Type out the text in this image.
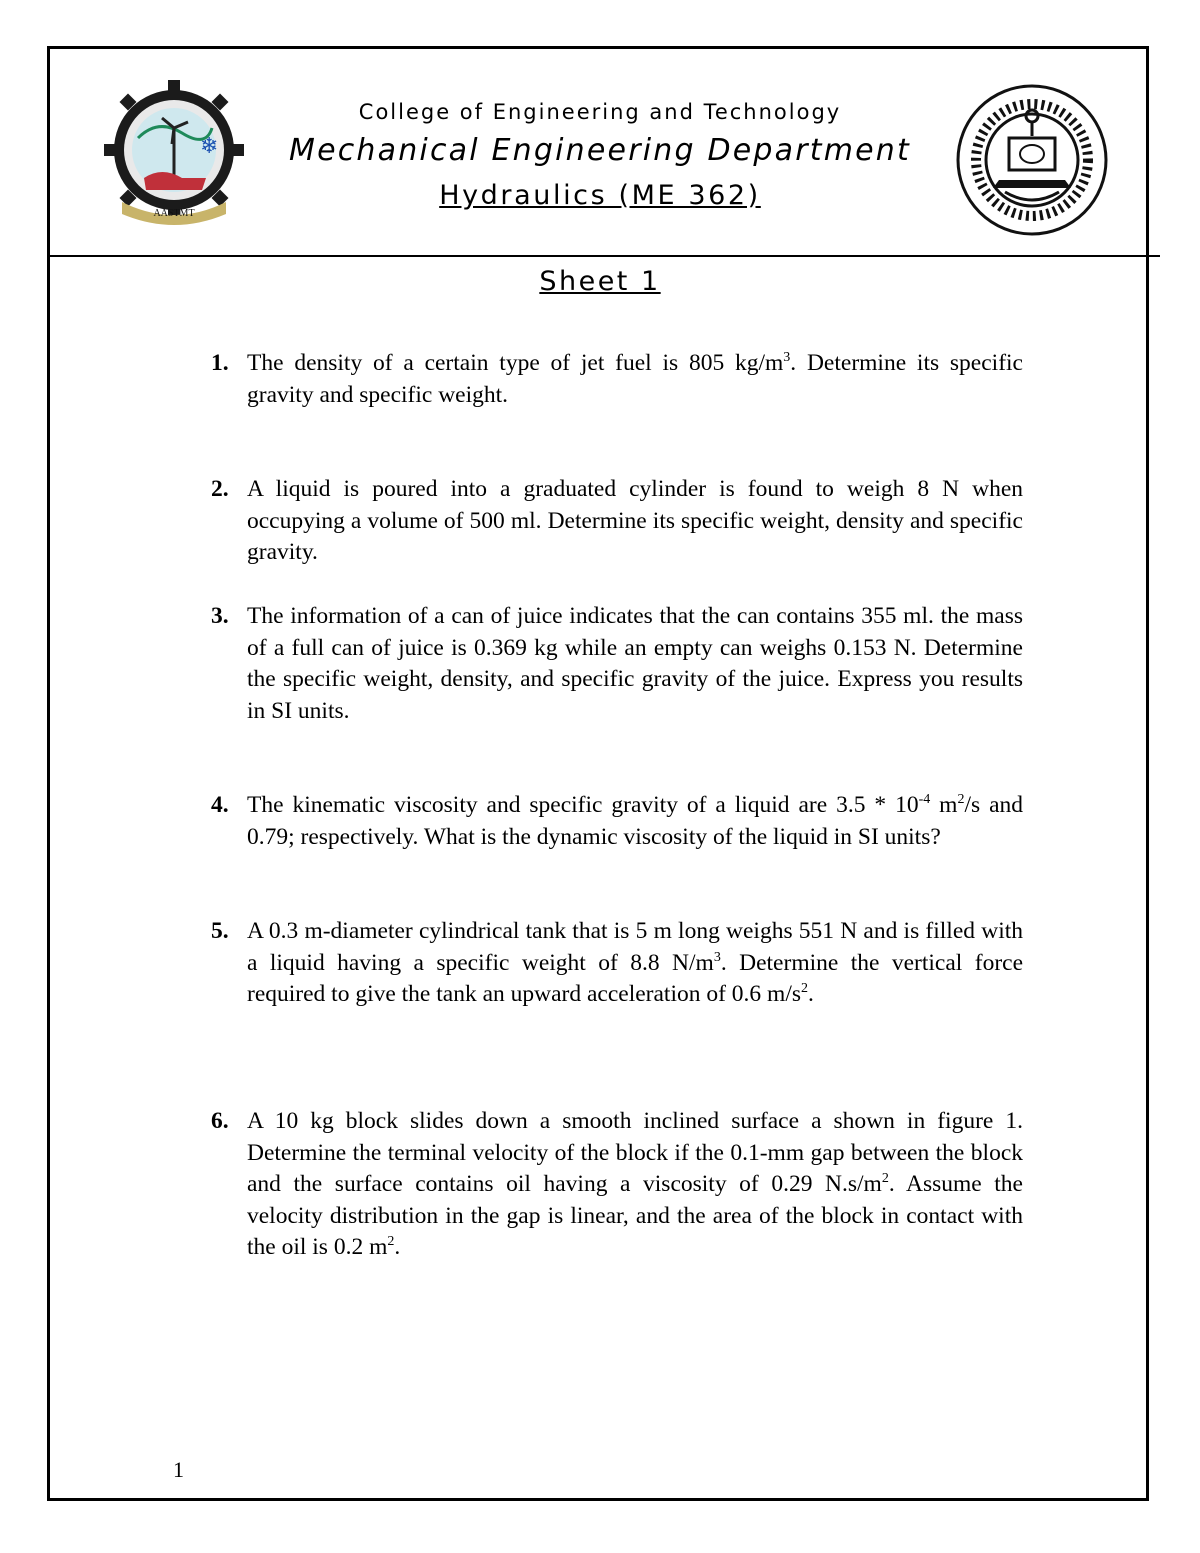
❄
AASTMT
College of Engineering and Technology
Mechanical Engineering Department
Hydraulics (ME 362)
Sheet 1
1. The density of a certain type of jet fuel is 805 $kg/m^3$. Determine its specific gravity and specific weight.
2. A liquid is poured into a graduated cylinder is found to weigh 8 N when occupying a volume of 500 ml. Determine its specific weight, density and specific gravity.
3. The information of a can of juice indicates that the can contains 355 ml. the mass of a full can of juice is 0.369 kg while an empty can weighs 0.153 N. Determine the specific weight, density, and specific gravity of the juice. Express you results in SI units.
4. The kinematic viscosity and specific gravity of a liquid are $3.5 * 10^{-4}$ $m^2/s$ and 0.79; respectively. What is the dynamic viscosity of the liquid in SI units?
5. A 0.3 m-diameter cylindrical tank that is 5 m long weighs 551 N and is filled with a liquid having a specific weight of 8.8 $N/m^3$. Determine the vertical force required to give the tank an upward acceleration of 0.6 $m/s^2$.
6. A 10 kg block slides down a smooth inclined surface a shown in figure 1. Determine the terminal velocity of the block if the 0.1-mm gap between the block and the surface contains oil having a viscosity of 0.29 $N.s/m^2$. Assume the velocity distribution in the gap is linear, and the area of the block in contact with the oil is 0.2 $m^2$.
1
